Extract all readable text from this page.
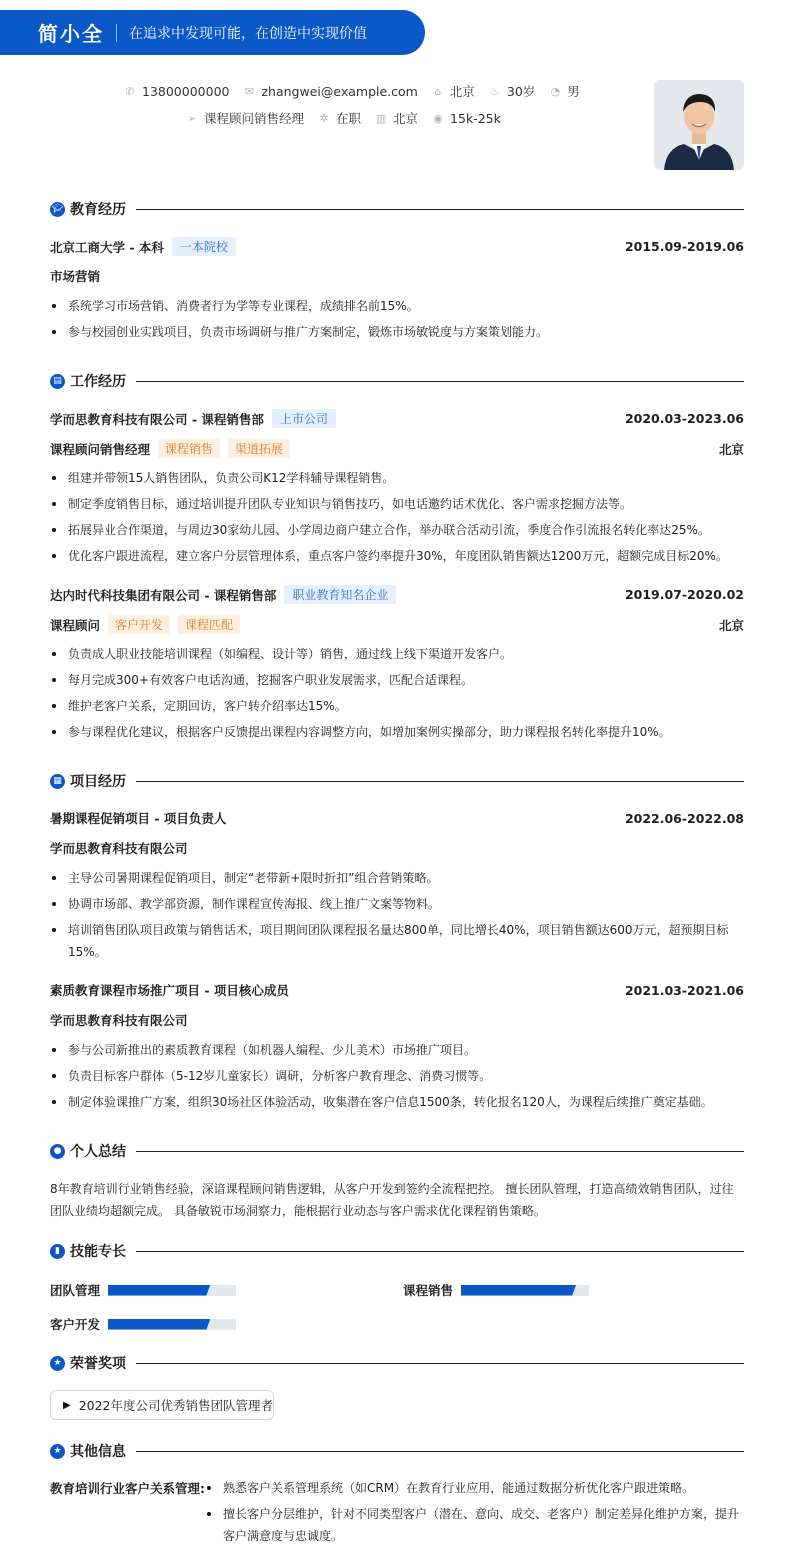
简小全 在追求中发现可能，在创造中实现价值
✆ 13800000000 ✉ zhangwei@example.com ⌂ 北京 ♨ 30岁 ◔ 男
➢ 课程顾问销售经理 ✲ 在职 ▥ 北京 ◉ 15k-25k
🎓︎ 教育经历
北京工商大学 - 本科	一本院校	2015.09-2019.06
市场营销
系统学习市场营销、消费者行为学等专业课程，成绩排名前15%。
参与校园创业实践项目，负责市场调研与推广方案制定，锻炼市场敏锐度与方案策划能力。
▤ 工作经历
学而思教育科技有限公司 - 课程销售部	上市公司	2020.03-2023.06
课程顾问销售经理	课程销售	渠道拓展	北京
组建并带领15人销售团队，负责公司K12学科辅导课程销售。
制定季度销售目标，通过培训提升团队专业知识与销售技巧，如电话邀约话术优化、客户需求挖掘方法等。
拓展异业合作渠道，与周边30家幼儿园、小学周边商户建立合作，举办联合活动引流，季度合作引流报名转化率达25%。
优化客户跟进流程，建立客户分层管理体系，重点客户签约率提升30%，年度团队销售额达1200万元，超额完成目标20%。
达内时代科技集团有限公司 - 课程销售部	职业教育知名企业	2019.07-2020.02
课程顾问	客户开发	课程匹配	北京
负责成人职业技能培训课程（如编程、设计等）销售，通过线上线下渠道开发客户。
每月完成300+有效客户电话沟通，挖掘客户职业发展需求，匹配合适课程。
维护老客户关系，定期回访，客户转介绍率达15%。
参与课程优化建议，根据客户反馈提出课程内容调整方向，如增加案例实操部分，助力课程报名转化率提升10%。
▦ 项目经历
暑期课程促销项目 - 项目负责人	2022.06-2022.08
学而思教育科技有限公司
主导公司暑期课程促销项目，制定“老带新+限时折扣”组合营销策略。
协调市场部、教学部资源，制作课程宣传海报、线上推广文案等物料。
培训销售团队项目政策与销售话术，项目期间团队课程报名量达800单，同比增长40%，项目销售额达600万元，超预期目标15%。
素质教育课程市场推广项目 - 项目核心成员	2021.03-2021.06
学而思教育科技有限公司
参与公司新推出的素质教育课程（如机器人编程、少儿美术）市场推广项目。
负责目标客户群体（5-12岁儿童家长）调研，分析客户教育理念、消费习惯等。
制定体验课推广方案，组织30场社区体验活动，收集潜在客户信息1500条，转化报名120人，为课程后续推广奠定基础。
● 个人总结
8年教育培训行业销售经验，深谙课程顾问销售逻辑，从客户开发到签约全流程把控。 擅长团队管理，打造高绩效销售团队，过往团队业绩均超额完成。 具备敏锐市场洞察力，能根据行业动态与客户需求优化课程销售策略。
▮ 技能专长
团队管理	课程销售
客户开发
★ 荣誉奖项
▶ 2022年度公司优秀销售团队管理者
★ 其他信息
教育培训行业客户关系管理:	熟悉客户关系管理系统（如CRM）在教育行业应用，能通过数据分析优化客户跟进策略。
擅长客户分层维护，针对不同类型客户（潜在、意向、成交、老客户）制定差异化维护方案，提升客户满意度与忠诚度。
